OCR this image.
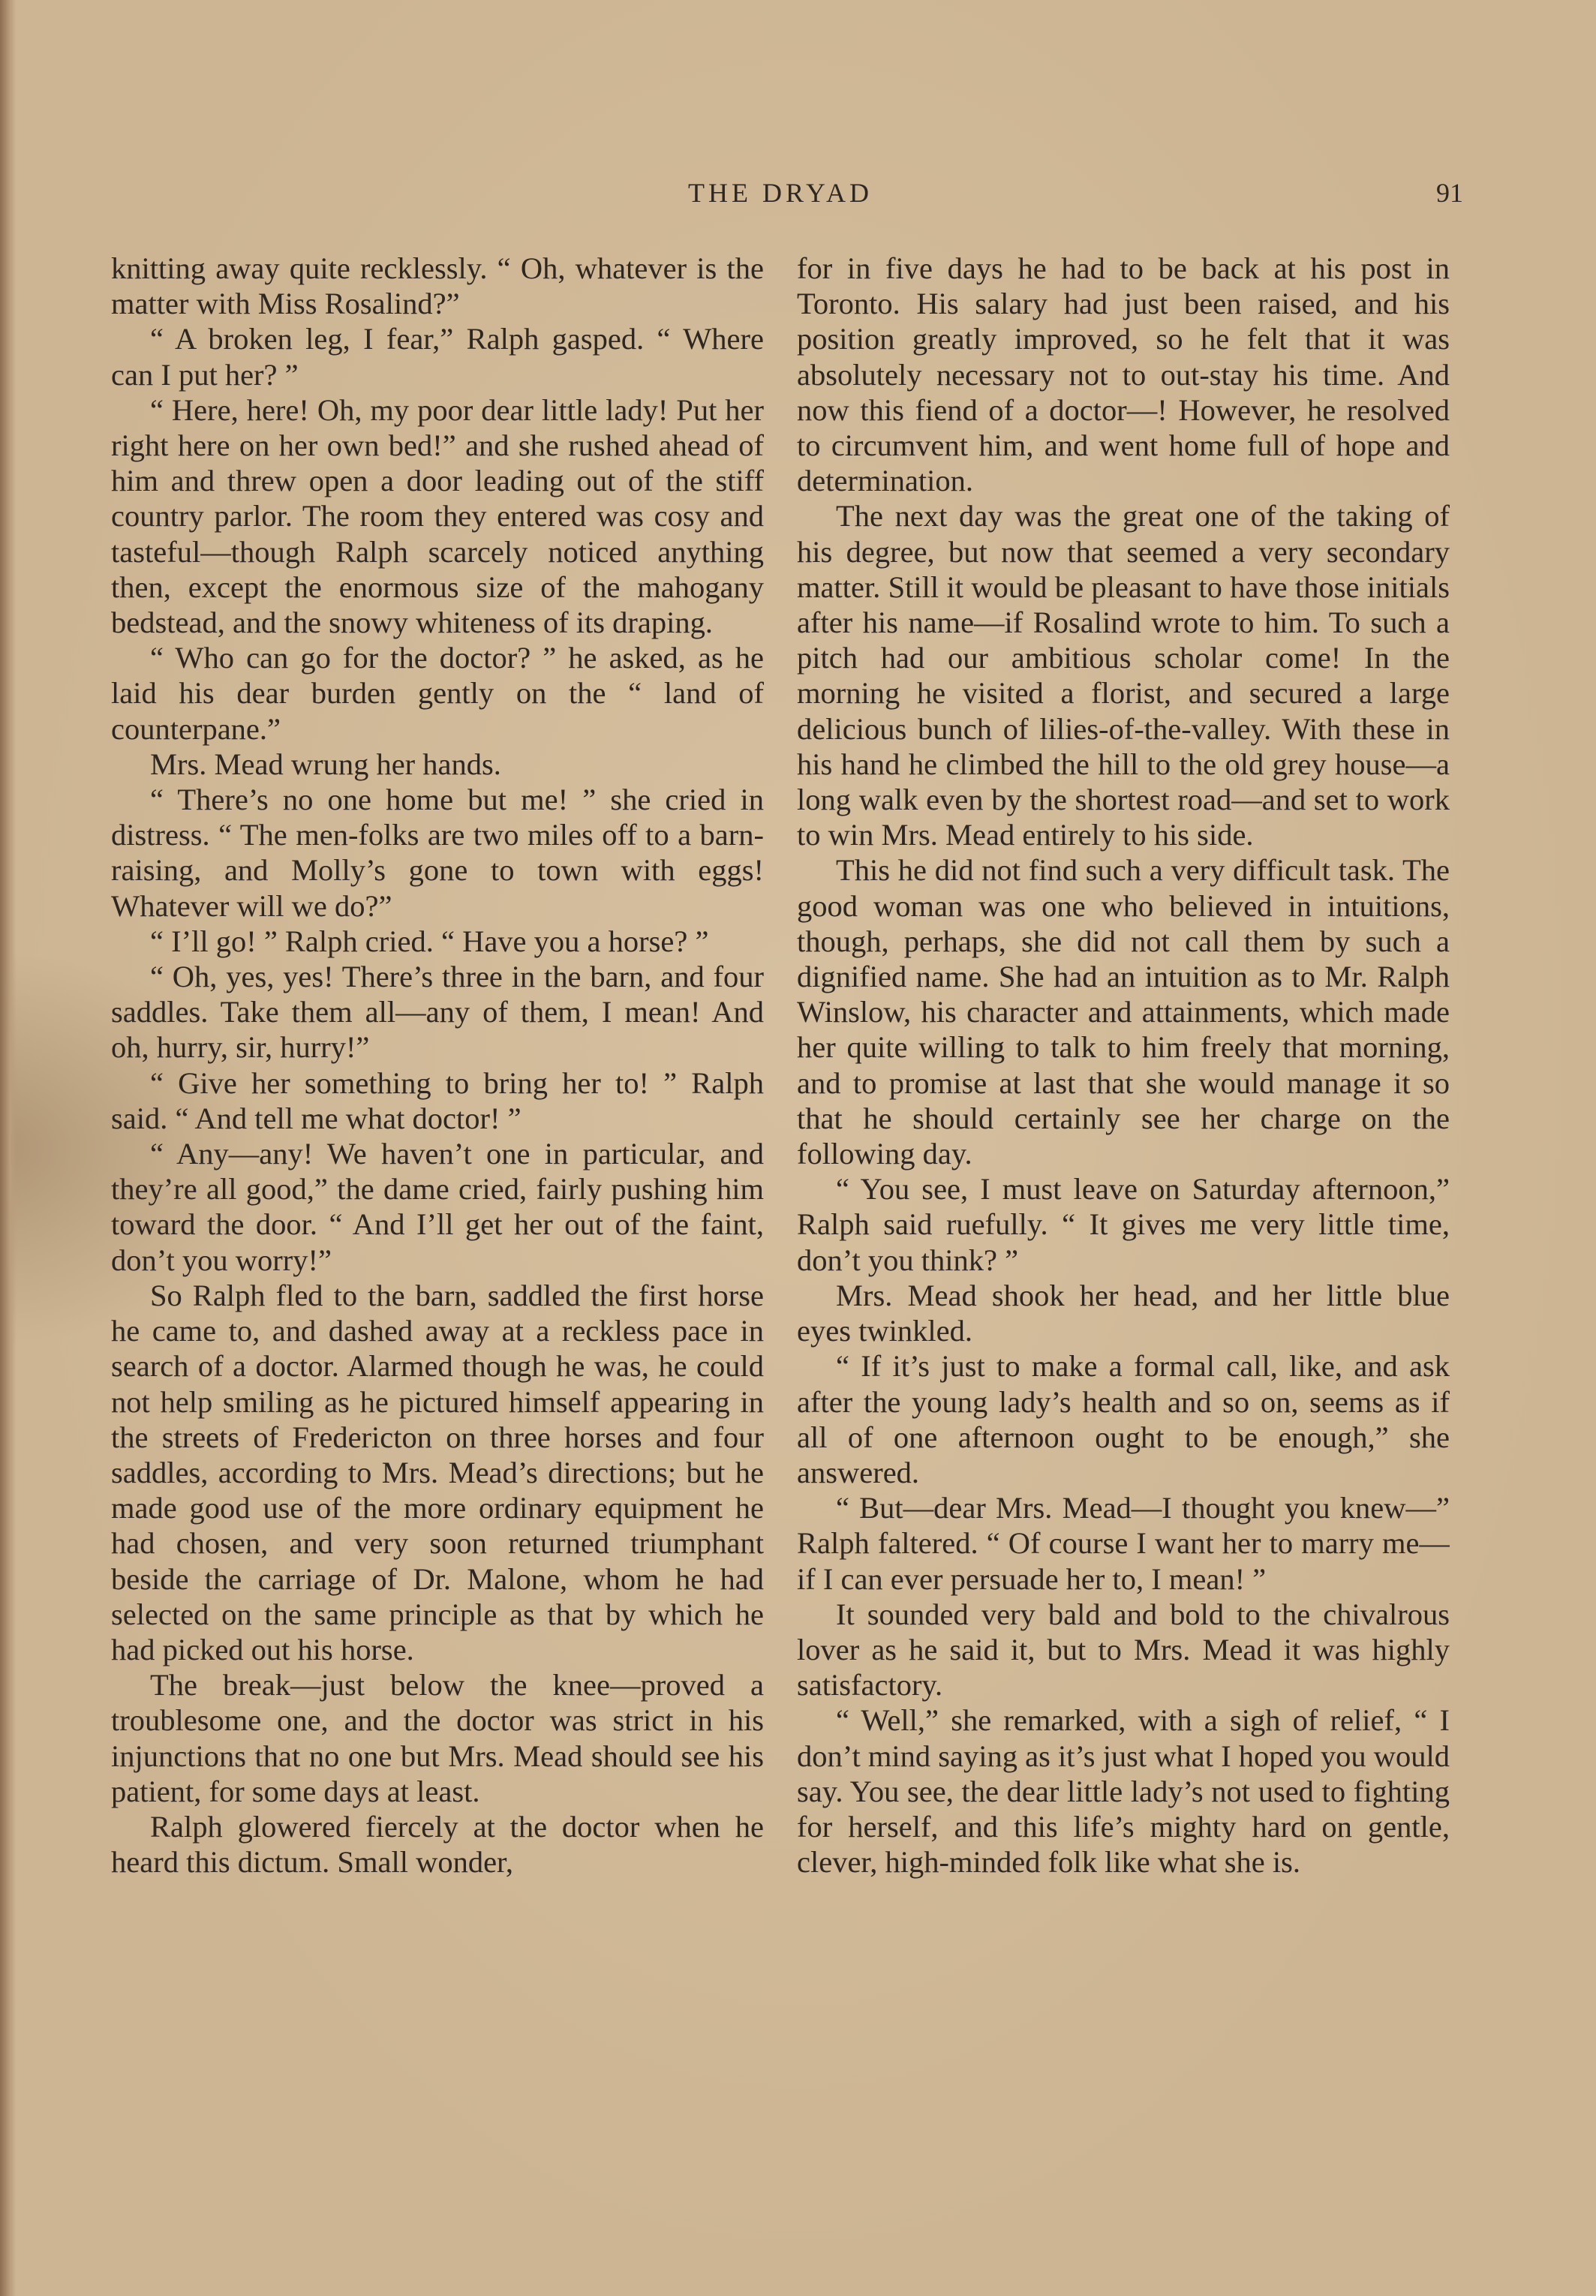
THE DRYAD	91

knitting away quite recklessly. “ Oh, whatever is the matter with Miss Rosalind?”

“ A broken leg, I fear,” Ralph gasped. “ Where can I put her? ”

“ Here, here! Oh, my poor dear little lady! Put her right here on her own bed!” and she rushed ahead of him and threw open a door leading out of the stiff country parlor. The room they entered was cosy and tasteful—though Ralph scarcely noticed anything then, except the enormous size of the mahogany bedstead, and the snowy whiteness of its draping.

“ Who can go for the doctor? ” he asked, as he laid his dear burden gently on the “ land of counterpane.”

Mrs. Mead wrung her hands.

“ There’s no one home but me! ” she cried in distress. “ The men-folks are two miles off to a barn-raising, and Molly’s gone to town with eggs! Whatever will we do?”

“ I’ll go! ” Ralph cried. “ Have you a horse? ”

“ Oh, yes, yes! There’s three in the barn, and four saddles. Take them all—any of them, I mean! And oh, hurry, sir, hurry!”

“ Give her something to bring her to! ” Ralph said. “ And tell me what doctor! ”

“ Any—any! We haven’t one in particular, and they’re all good,” the dame cried, fairly pushing him toward the door. “ And I’ll get her out of the faint, don’t you worry!”

So Ralph fled to the barn, saddled the first horse he came to, and dashed away at a reckless pace in search of a doctor. Alarmed though he was, he could not help smiling as he pictured himself appearing in the streets of Fredericton on three horses and four saddles, according to Mrs. Mead’s directions; but he made good use of the more ordinary equipment he had chosen, and very soon returned triumphant beside the carriage of Dr. Malone, whom he had selected on the same principle as that by which he had picked out his horse.

The break—just below the knee—proved a troublesome one, and the doctor was strict in his injunctions that no one but Mrs. Mead should see his patient, for some days at least.

Ralph glowered fiercely at the doctor when he heard this dictum. Small wonder,

for in five days he had to be back at his post in Toronto. His salary had just been raised, and his position greatly improved, so he felt that it was absolutely necessary not to out-stay his time. And now this fiend of a doctor—! However, he resolved to circumvent him, and went home full of hope and determination.

The next day was the great one of the taking of his degree, but now that seemed a very secondary matter. Still it would be pleasant to have those initials after his name—if Rosalind wrote to him. To such a pitch had our ambitious scholar come! In the morning he visited a florist, and secured a large delicious bunch of lilies-of-the-valley. With these in his hand he climbed the hill to the old grey house—a long walk even by the shortest road—and set to work to win Mrs. Mead entirely to his side.

This he did not find such a very difficult task. The good woman was one who believed in intuitions, though, perhaps, she did not call them by such a dignified name. She had an intuition as to Mr. Ralph Winslow, his character and attainments, which made her quite willing to talk to him freely that morning, and to promise at last that she would manage it so that he should certainly see her charge on the following day.

“ You see, I must leave on Saturday afternoon,” Ralph said ruefully. “ It gives me very little time, don’t you think? ”

Mrs. Mead shook her head, and her little blue eyes twinkled.

“ If it’s just to make a formal call, like, and ask after the young lady’s health and so on, seems as if all of one afternoon ought to be enough,” she answered.

“ But—dear Mrs. Mead—I thought you knew—” Ralph faltered. “ Of course I want her to marry me—if I can ever persuade her to, I mean! ”

It sounded very bald and bold to the chivalrous lover as he said it, but to Mrs. Mead it was highly satisfactory.

“ Well,” she remarked, with a sigh of relief, “ I don’t mind saying as it’s just what I hoped you would say. You see, the dear little lady’s not used to fighting for herself, and this life’s mighty hard on gentle, clever, high-minded folk like what she is.
